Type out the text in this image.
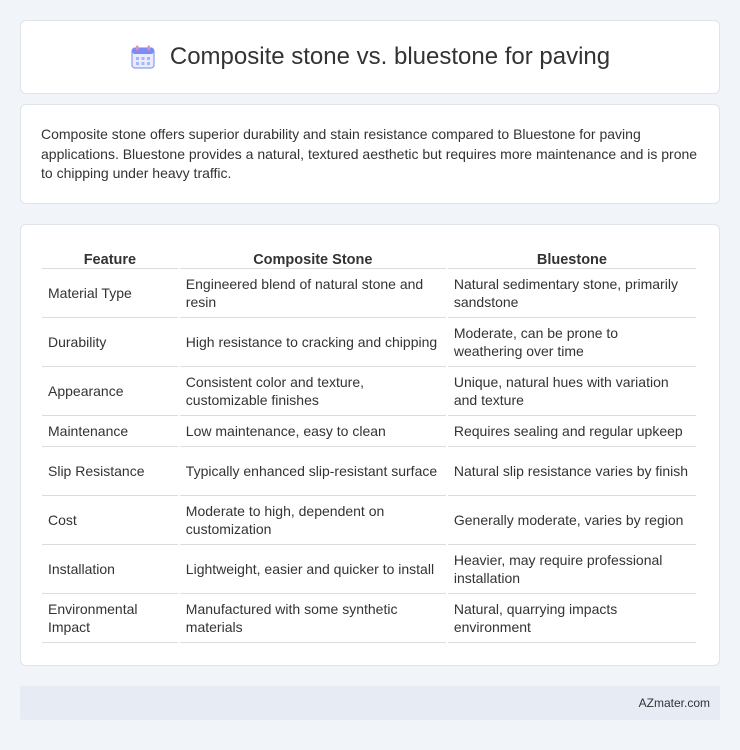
Composite stone vs. bluestone for paving

Composite stone offers superior durability and stain resistance compared to Bluestone for paving applications. Bluestone provides a natural, textured aesthetic but requires more maintenance and is prone to chipping under heavy traffic.

Feature	Composite Stone	Bluestone
Material Type	Engineered blend of natural stone and resin	Natural sedimentary stone, primarily sandstone
Durability	High resistance to cracking and chipping	Moderate, can be prone to weathering over time
Appearance	Consistent color and texture, customizable finishes	Unique, natural hues with variation and texture
Maintenance	Low maintenance, easy to clean	Requires sealing and regular upkeep
Slip Resistance	Typically enhanced slip-resistant surface	Natural slip resistance varies by finish
Cost	Moderate to high, dependent on customization	Generally moderate, varies by region
Installation	Lightweight, easier and quicker to install	Heavier, may require professional installation
Environmental Impact	Manufactured with some synthetic materials	Natural, quarrying impacts environment
AZmater.com
